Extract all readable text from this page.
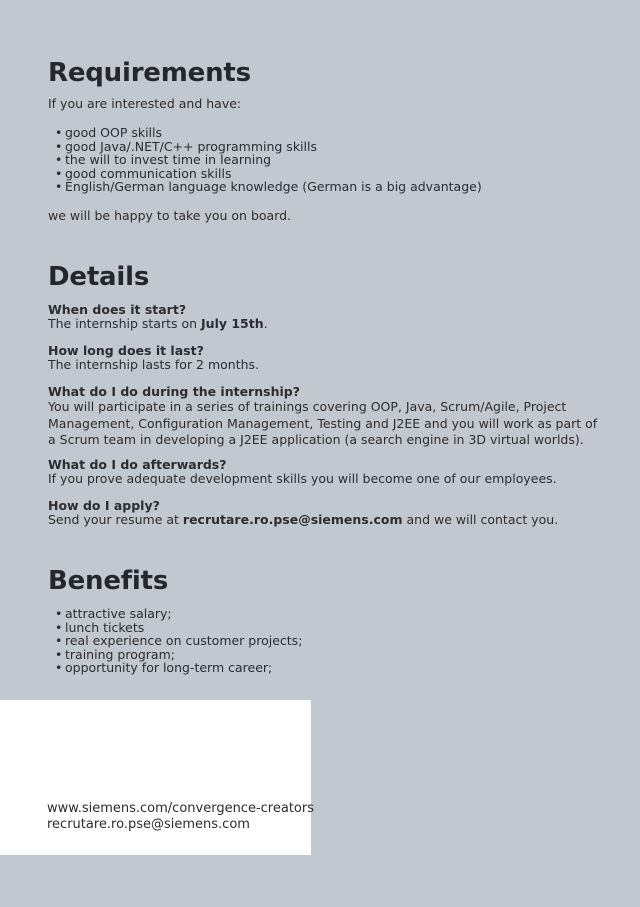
Requirements

If you are interested and have:

• good OOP skills
• good Java/.NET/C++ programming skills
• the will to invest time in learning
• good communication skills
• English/German language knowledge (German is a big advantage)

we will be happy to take you on board.

Details
When does it start?

The internship starts on July 15th.

How long does it last?

The internship lasts for 2 months.

What do I do during the internship?

You will participate in a series of trainings covering OOP, Java, Scrum/Agile, Project Management, Configuration Management, Testing and J2EE and you will work as part of a Scrum team in developing a J2EE application (a search engine in 3D virtual worlds).

What do I do afterwards?

If you prove adequate development skills you will become one of our employees.

How do I apply?

Send your resume at recrutare.ro.pse@siemens.com and we will contact you.

Benefits
• attractive salary;
• lunch tickets
• real experience on customer projects;
• training program;
• opportunity for long-term career;
www.siemens.com/convergence-creators
recrutare.ro.pse@siemens.com
